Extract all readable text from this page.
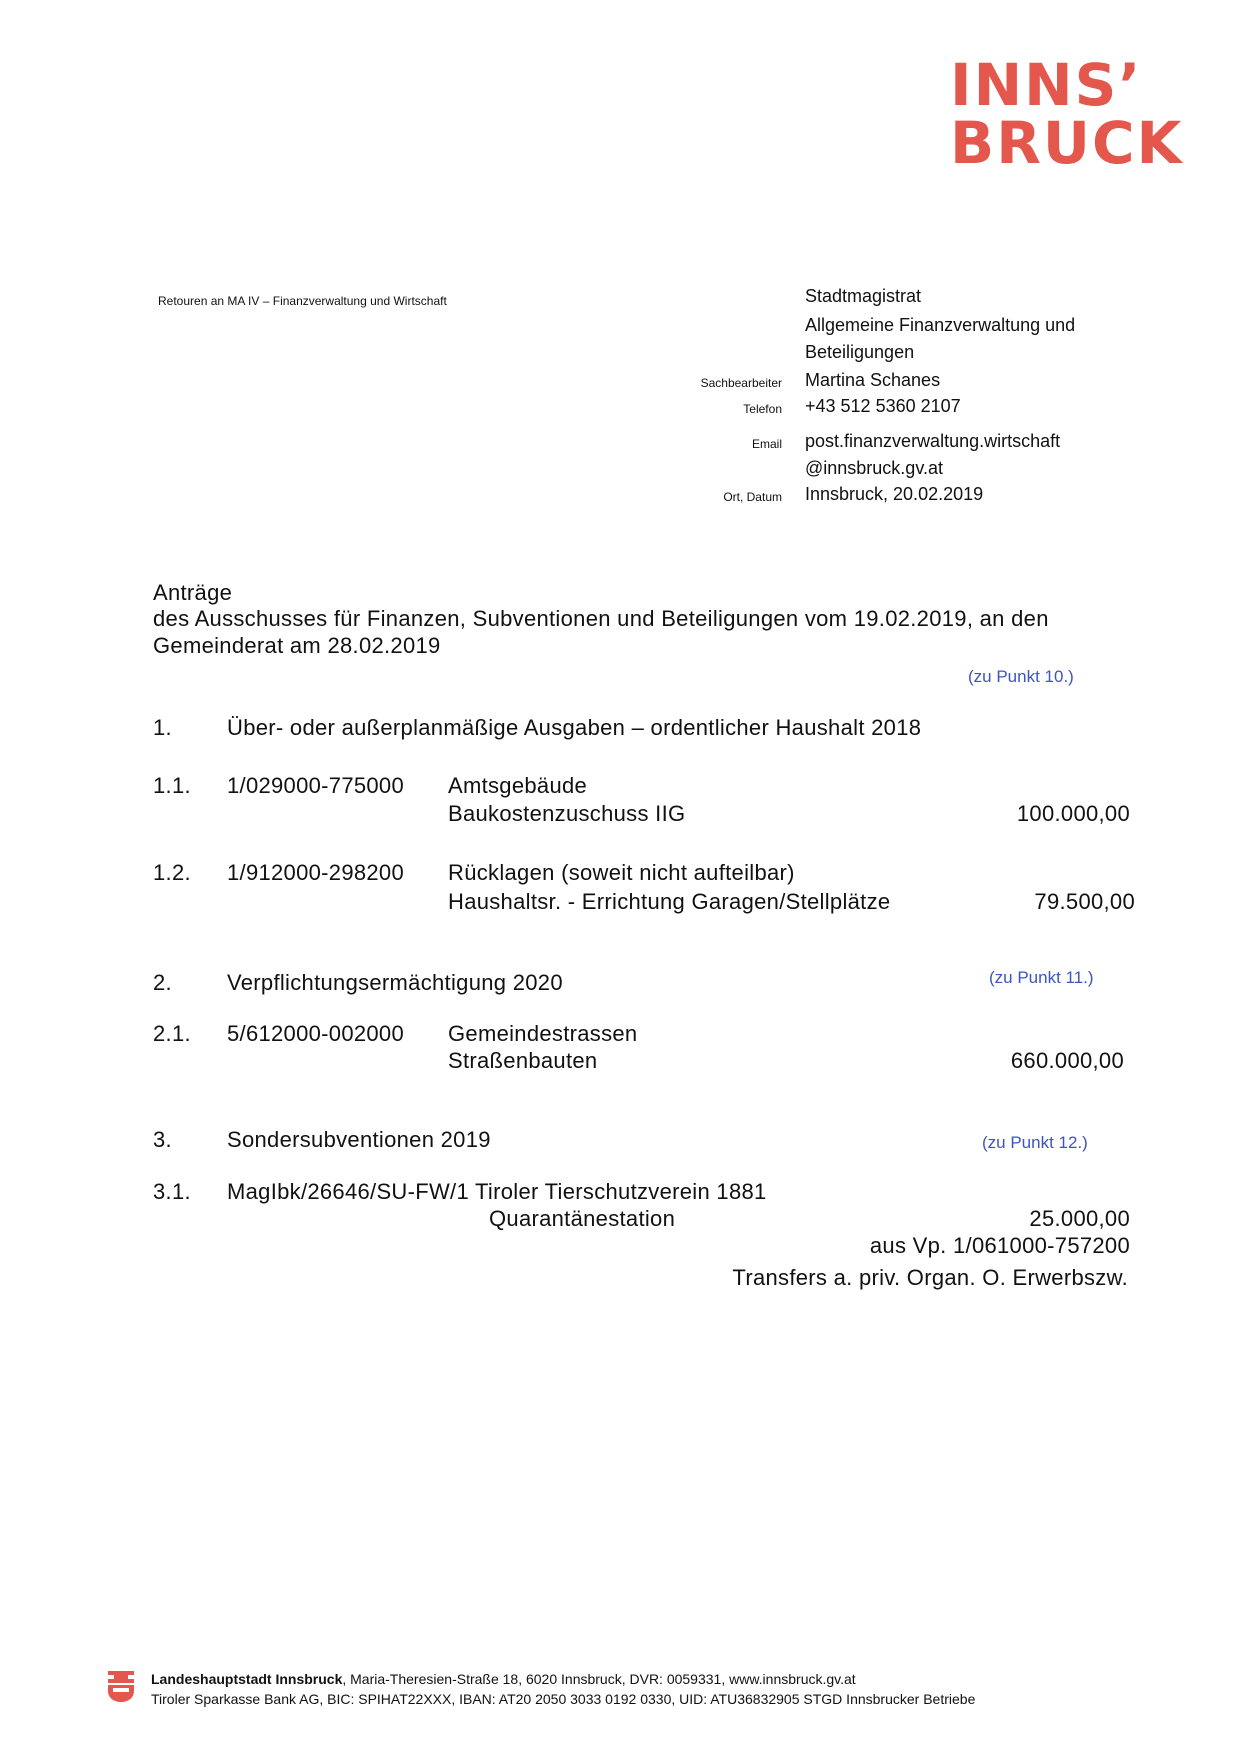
INNS’
BRUCK
Retouren an MA IV – Finanzverwaltung und Wirtschaft	Stadtmagistrat
Allgemeine Finanzverwaltung und
Beteiligungen
Sachbearbeiter Martina Schanes
Telefon +43 512 5360 2107
Email post.finanzverwaltung.wirtschaft
@innsbruck.gv.at
Ort, Datum Innsbruck, 20.02.2019
Anträge
des Ausschusses für Finanzen, Subventionen und Beteiligungen vom 19.02.2019, an den
Gemeinderat am 28.02.2019
(zu Punkt 10.)
1.	Über- oder außerplanmäßige Ausgaben – ordentlicher Haushalt 2018
1.1. 1/029000-775000 Amtsgebäude
Baukostenzuschuss IIG	100.000,00
1.2. 1/912000-298200 Rücklagen (soweit nicht aufteilbar)
Haushaltsr. - Errichtung Garagen/Stellplätze	79.500,00
2.	Verpflichtungsermächtigung 2020	(zu Punkt 11.)
2.1. 5/612000-002000 Gemeindestrassen
Straßenbauten	660.000,00
3.	Sondersubventionen 2019	(zu Punkt 12.)
3.1. MagIbk/26646/SU-FW/1 Tiroler Tierschutzverein 1881
Quarantänestation	25.000,00
aus Vp. 1/061000-757200
Transfers a. priv. Organ. O. Erwerbszw.
Landeshauptstadt Innsbruck, Maria-Theresien-Straße 18, 6020 Innsbruck, DVR: 0059331, www.innsbruck.gv.at
Tiroler Sparkasse Bank AG, BIC: SPIHAT22XXX, IBAN: AT20 2050 3033 0192 0330, UID: ATU36832905 STGD Innsbrucker Betriebe
